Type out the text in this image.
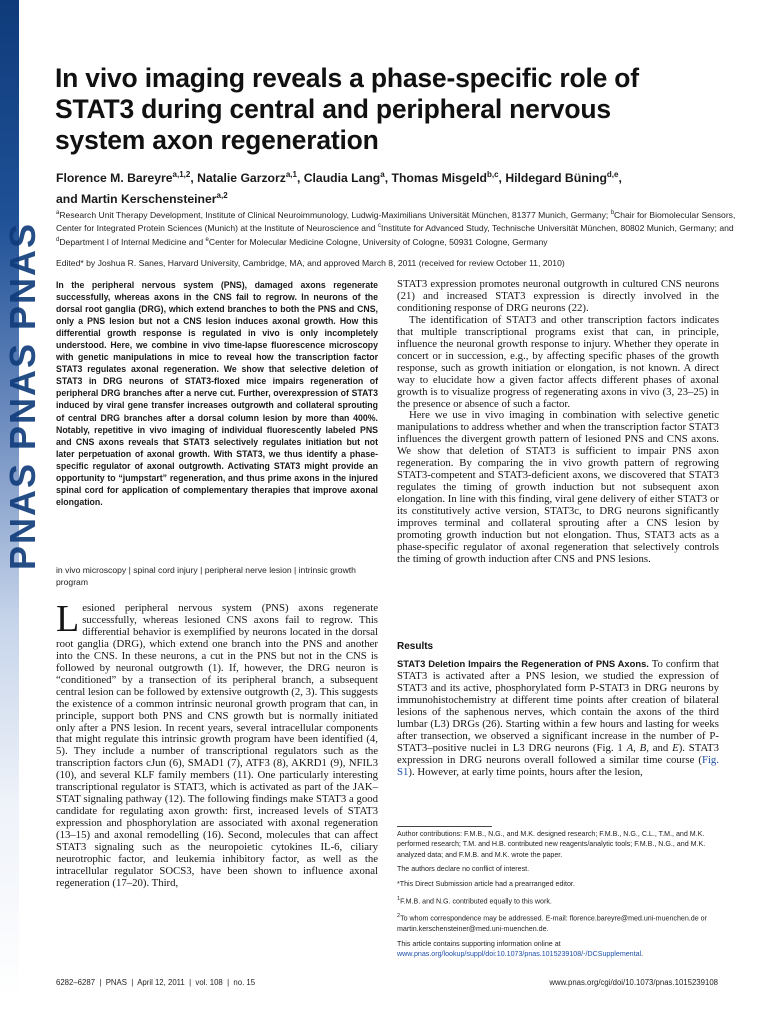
PNAS PNAS PNAS
In vivo imaging reveals a phase-specific role of STAT3 during central and peripheral nervous system axon regeneration
Florence M. Bareyre$^{a,1,2}$, Natalie Garzorz$^{a,1}$, Claudia Lang$^a$, Thomas Misgeld$^{b,c}$, Hildegard Büning$^{d,e}$,
and Martin Kerschensteiner$^{a,2}$
$^a$Research Unit Therapy Development, Institute of Clinical Neuroimmunology, Ludwig-Maximilians Universität München, 81377 Munich, Germany; $^b$Chair for Biomolecular Sensors, Center for Integrated Protein Sciences (Munich) at the Institute of Neuroscience and $^c$Institute for Advanced Study, Technische Universität München, 80802 Munich, Germany; and $^d$Department I of Internal Medicine and $^e$Center for Molecular Medicine Cologne, University of Cologne, 50931 Cologne, Germany
Edited* by Joshua R. Sanes, Harvard University, Cambridge, MA, and approved March 8, 2011 (received for review October 11, 2010)
In the peripheral nervous system (PNS), damaged axons regenerate successfully, whereas axons in the CNS fail to regrow. In neurons of the dorsal root ganglia (DRG), which extend branches to both the PNS and CNS, only a PNS lesion but not a CNS lesion induces axonal growth. How this differential growth response is regulated in vivo is only incompletely understood. Here, we combine in vivo time-lapse fluorescence microscopy with genetic manipulations in mice to reveal how the transcription factor STAT3 regulates axonal regeneration. We show that selective deletion of STAT3 in DRG neurons of STAT3-floxed mice impairs regeneration of peripheral DRG branches after a nerve cut. Further, overexpression of STAT3 induced by viral gene transfer increases outgrowth and collateral sprouting of central DRG branches after a dorsal column lesion by more than 400%. Notably, repetitive in vivo imaging of individual fluorescently labeled PNS and CNS axons reveals that STAT3 selectively regulates initiation but not later perpetuation of axonal growth. With STAT3, we thus identify a phase-specific regulator of axonal outgrowth. Activating STAT3 might provide an opportunity to “jumpstart” regeneration, and thus prime axons in the injured spinal cord for application of complementary therapies that improve axonal elongation.
in vivo microscopy | spinal cord injury | peripheral nerve lesion | intrinsic growth program
Lesioned peripheral nervous system (PNS) axons regenerate successfully, whereas lesioned CNS axons fail to regrow. This differential behavior is exemplified by neurons located in the dorsal root ganglia (DRG), which extend one branch into the PNS and another into the CNS. In these neurons, a cut in the PNS but not in the CNS is followed by neuronal outgrowth (1). If, however, the DRG neuron is “conditioned” by a transection of its peripheral branch, a subsequent central lesion can be followed by extensive outgrowth (2, 3). This suggests the existence of a common intrinsic neuronal growth program that can, in principle, support both PNS and CNS growth but is normally initiated only after a PNS lesion. In recent years, several intracellular components that might regulate this intrinsic growth program have been identified (4, 5). They include a number of transcriptional regulators such as the transcription factors cJun (6), SMAD1 (7), ATF3 (8), AKRD1 (9), NFIL3 (10), and several KLF family members (11). One particularly interesting transcriptional regulator is STAT3, which is activated as part of the JAK–STAT signaling pathway (12). The following findings make STAT3 a good candidate for regulating axon growth: first, increased levels of STAT3 expression and phosphorylation are associated with axonal regeneration (13–15) and axonal remodelling (16). Second, molecules that can affect STAT3 signaling such as the neuropoietic cytokines IL-6, ciliary neurotrophic factor, and leukemia inhibitory factor, as well as the intracellular regulator SOCS3, have been shown to influence axonal regeneration (17–20). Third,

STAT3 expression promotes neuronal outgrowth in cultured CNS neurons (21) and increased STAT3 expression is directly involved in the conditioning response of DRG neurons (22).

The identification of STAT3 and other transcription factors indicates that multiple transcriptional programs exist that can, in principle, influence the neuronal growth response to injury. Whether they operate in concert or in succession, e.g., by affecting specific phases of the growth response, such as growth initiation or elongation, is not known. A direct way to elucidate how a given factor affects different phases of axonal growth is to visualize progress of regenerating axons in vivo (3, 23–25) in the presence or absence of such a factor.

Here we use in vivo imaging in combination with selective genetic manipulations to address whether and when the transcription factor STAT3 influences the divergent growth pattern of lesioned PNS and CNS axons. We show that deletion of STAT3 is sufficient to impair PNS axon regeneration. By comparing the in vivo growth pattern of regrowing STAT3-competent and STAT3-deficient axons, we discovered that STAT3 regulates the timing of growth induction but not subsequent axon elongation. In line with this finding, viral gene delivery of either STAT3 or its constitutively active version, STAT3c, to DRG neurons significantly improves terminal and collateral sprouting after a CNS lesion by promoting growth induction but not elongation. Thus, STAT3 acts as a phase-specific regulator of axonal regeneration that selectively controls the timing of growth induction after CNS and PNS lesions.

Results
STAT3 Deletion Impairs the Regeneration of PNS Axons. To confirm that STAT3 is activated after a PNS lesion, we studied the expression of STAT3 and its active, phosphorylated form P-STAT3 in DRG neurons by immunohistochemistry at different time points after creation of bilateral lesions of the saphenous nerves, which contain the axons of the third lumbar (L3) DRGs (26). Starting within a few hours and lasting for weeks after transection, we observed a significant increase in the number of P-STAT3–positive nuclei in L3 DRG neurons (Fig. 1 A, B, and E). STAT3 expression in DRG neurons overall followed a similar time course (Fig. S1). However, at early time points, hours after the lesion,

Author contributions: F.M.B., N.G., and M.K. designed research; F.M.B., N.G., C.L., T.M., and M.K. performed research; T.M. and H.B. contributed new reagents/analytic tools; F.M.B., N.G., and M.K. analyzed data; and F.M.B. and M.K. wrote the paper.

The authors declare no conflict of interest.

*This Direct Submission article had a prearranged editor.

$^1$F.M.B. and N.G. contributed equally to this work.

$^2$To whom correspondence may be addressed. E-mail: florence.bareyre@med.uni-muenchen.de or martin.kerschensteiner@med.uni-muenchen.de.

This article contains supporting information online at www.pnas.org/lookup/suppl/doi:10.1073/pnas.1015239108/-/DCSupplemental.

6282–6287  |  PNAS  |  April 12, 2011  |  vol. 108  |  no. 15	www.pnas.org/cgi/doi/10.1073/pnas.1015239108
